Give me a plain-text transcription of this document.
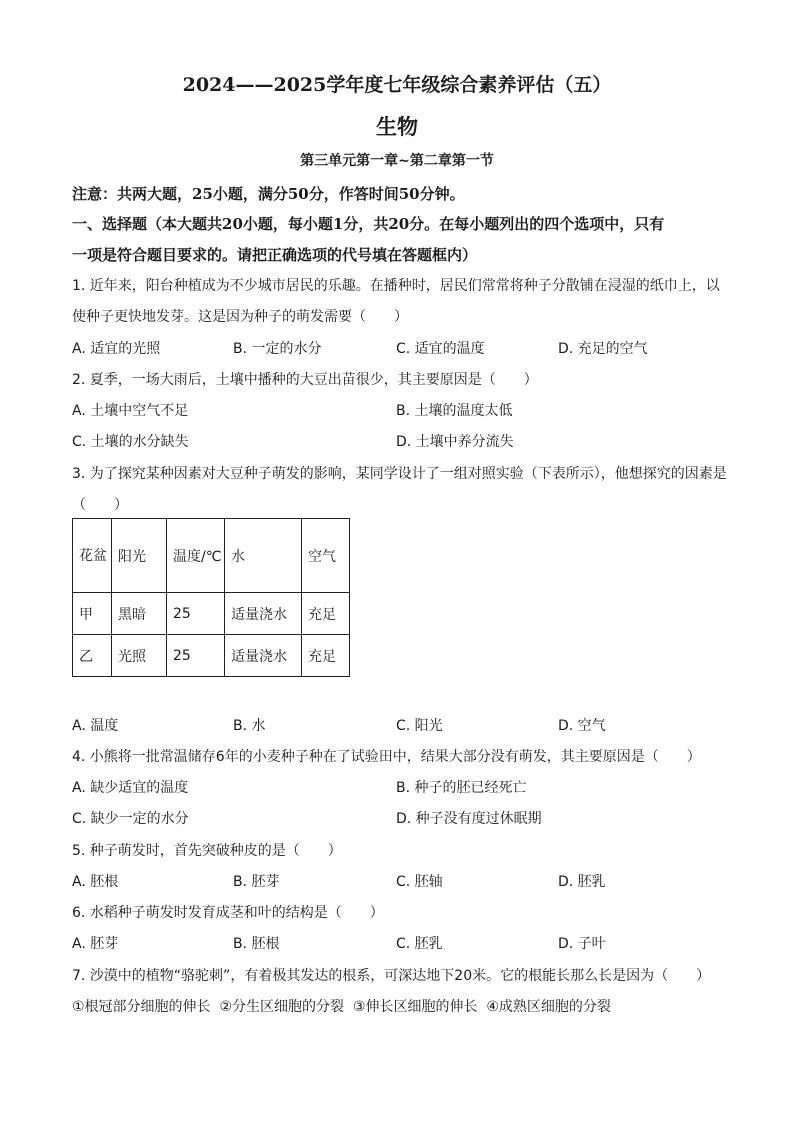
2024——2025学年度七年级综合素养评估（五）
生物
第三单元第一章~第二章第一节
注意：共两大题，25小题，满分50分，作答时间50分钟。
一、选择题（本大题共20小题，每小题1分，共20分。在每小题列出的四个选项中，只有
一项是符合题目要求的。请把正确选项的代号填在答题框内）
1. 近年来，阳台种植成为不少城市居民的乐趣。在播种时，居民们常常将种子分散铺在浸湿的纸巾上，以
使种子更快地发芽。这是因为种子的萌发需要（　　）
A. 适宜的光照	B. 一定的水分	C. 适宜的温度	D. 充足的空气
2. 夏季，一场大雨后，土壤中播种的大豆出苗很少，其主要原因是（　　）
A. 土壤中空气不足	B. 土壤的温度太低
C. 土壤的水分缺失	D. 土壤中养分流失
3. 为了探究某种因素对大豆种子萌发的影响，某同学设计了一组对照实验（下表所示），他想探究的因素是
（　　）
花盆	阳光	温度/℃	水	空气
甲	黑暗	25	适量浇水	充足
乙	光照	25	适量浇水	充足
A. 温度	B. 水	C. 阳光	D. 空气
4. 小熊将一批常温储存6年的小麦种子种在了试验田中，结果大部分没有萌发，其主要原因是（　　）
A. 缺少适宜的温度	B. 种子的胚已经死亡
C. 缺少一定的水分	D. 种子没有度过休眠期
5. 种子萌发时，首先突破种皮的是（　　）
A. 胚根	B. 胚芽	C. 胚轴	D. 胚乳
6. 水稻种子萌发时发育成茎和叶的结构是（　　）
A. 胚芽	B. 胚根	C. 胚乳	D. 子叶
7. 沙漠中的植物“骆驼刺”，有着极其发达的根系，可深达地下20米。它的根能长那么长是因为（　　）
①根冠部分细胞的伸长  ②分生区细胞的分裂  ③伸长区细胞的伸长  ④成熟区细胞的分裂
